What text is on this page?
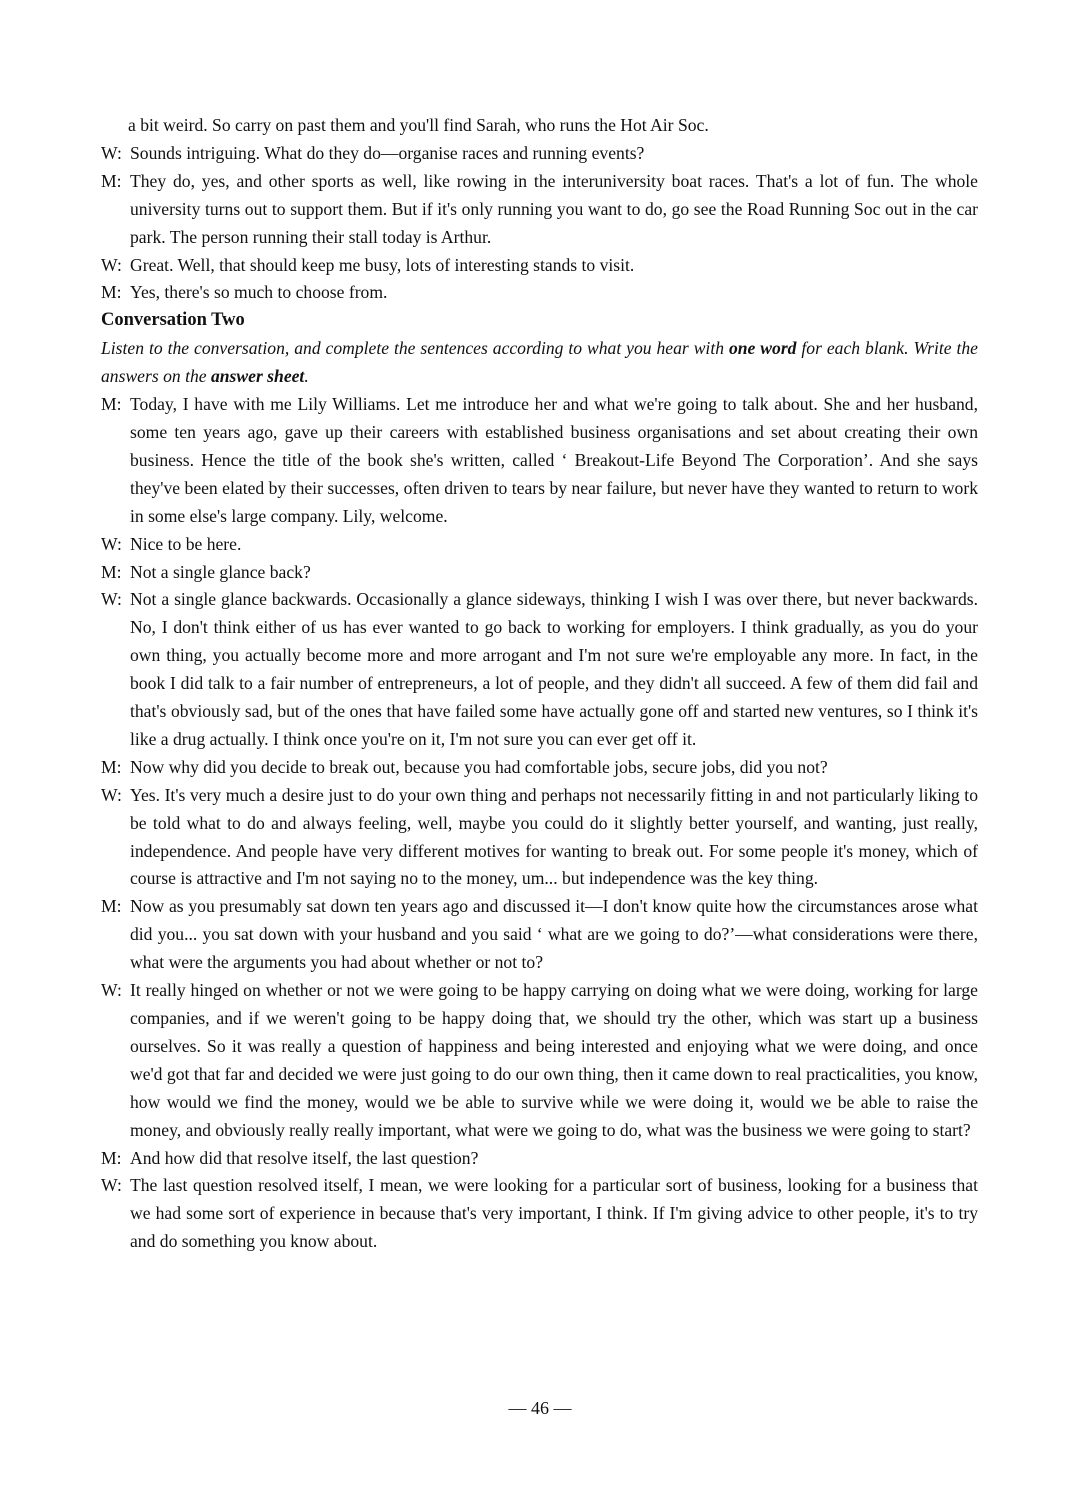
a bit weird. So carry on past them and you'll find Sarah, who runs the Hot Air Soc.
W: Sounds intriguing. What do they do—organise races and running events?
M: They do, yes, and other sports as well, like rowing in the interuniversity boat races. That's a lot of fun. The whole university turns out to support them. But if it's only running you want to do, go see the Road Running Soc out in the car park. The person running their stall today is Arthur.
W: Great. Well, that should keep me busy, lots of interesting stands to visit.
M: Yes, there's so much to choose from.
Conversation Two
Listen to the conversation, and complete the sentences according to what you hear with one word for each blank. Write the answers on the answer sheet.
M: Today, I have with me Lily Williams. Let me introduce her and what we're going to talk about. She and her husband, some ten years ago, gave up their careers with established business organisations and set about creating their own business. Hence the title of the book she's written, called ‘ Breakout-Life Beyond The Corporation’. And she says they've been elated by their successes, often driven to tears by near failure, but never have they wanted to return to work in some else's large company. Lily, welcome.
W: Nice to be here.
M: Not a single glance back?
W: Not a single glance backwards. Occasionally a glance sideways, thinking I wish I was over there, but never backwards. No, I don't think either of us has ever wanted to go back to working for employers. I think gradually, as you do your own thing, you actually become more and more arrogant and I'm not sure we're employable any more. In fact, in the book I did talk to a fair number of entrepreneurs, a lot of people, and they didn't all succeed. A few of them did fail and that's obviously sad, but of the ones that have failed some have actually gone off and started new ventures, so I think it's like a drug actually. I think once you're on it, I'm not sure you can ever get off it.
M: Now why did you decide to break out, because you had comfortable jobs, secure jobs, did you not?
W: Yes. It's very much a desire just to do your own thing and perhaps not necessarily fitting in and not particularly liking to be told what to do and always feeling, well, maybe you could do it slightly better yourself, and wanting, just really, independence. And people have very different motives for wanting to break out. For some people it's money, which of course is attractive and I'm not saying no to the money, um... but independence was the key thing.
M: Now as you presumably sat down ten years ago and discussed it—I don't know quite how the circumstances arose what did you... you sat down with your husband and you said ‘ what are we going to do?’—what considerations were there, what were the arguments you had about whether or not to?
W: It really hinged on whether or not we were going to be happy carrying on doing what we were doing, working for large companies, and if we weren't going to be happy doing that, we should try the other, which was start up a business ourselves. So it was really a question of happiness and being interested and enjoying what we were doing, and once we'd got that far and decided we were just going to do our own thing, then it came down to real practicalities, you know, how would we find the money, would we be able to survive while we were doing it, would we be able to raise the money, and obviously really really important, what were we going to do, what was the business we were going to start?
M: And how did that resolve itself, the last question?
W: The last question resolved itself, I mean, we were looking for a particular sort of business, looking for a business that we had some sort of experience in because that's very important, I think. If I'm giving advice to other people, it's to try and do something you know about.
— 46 —
